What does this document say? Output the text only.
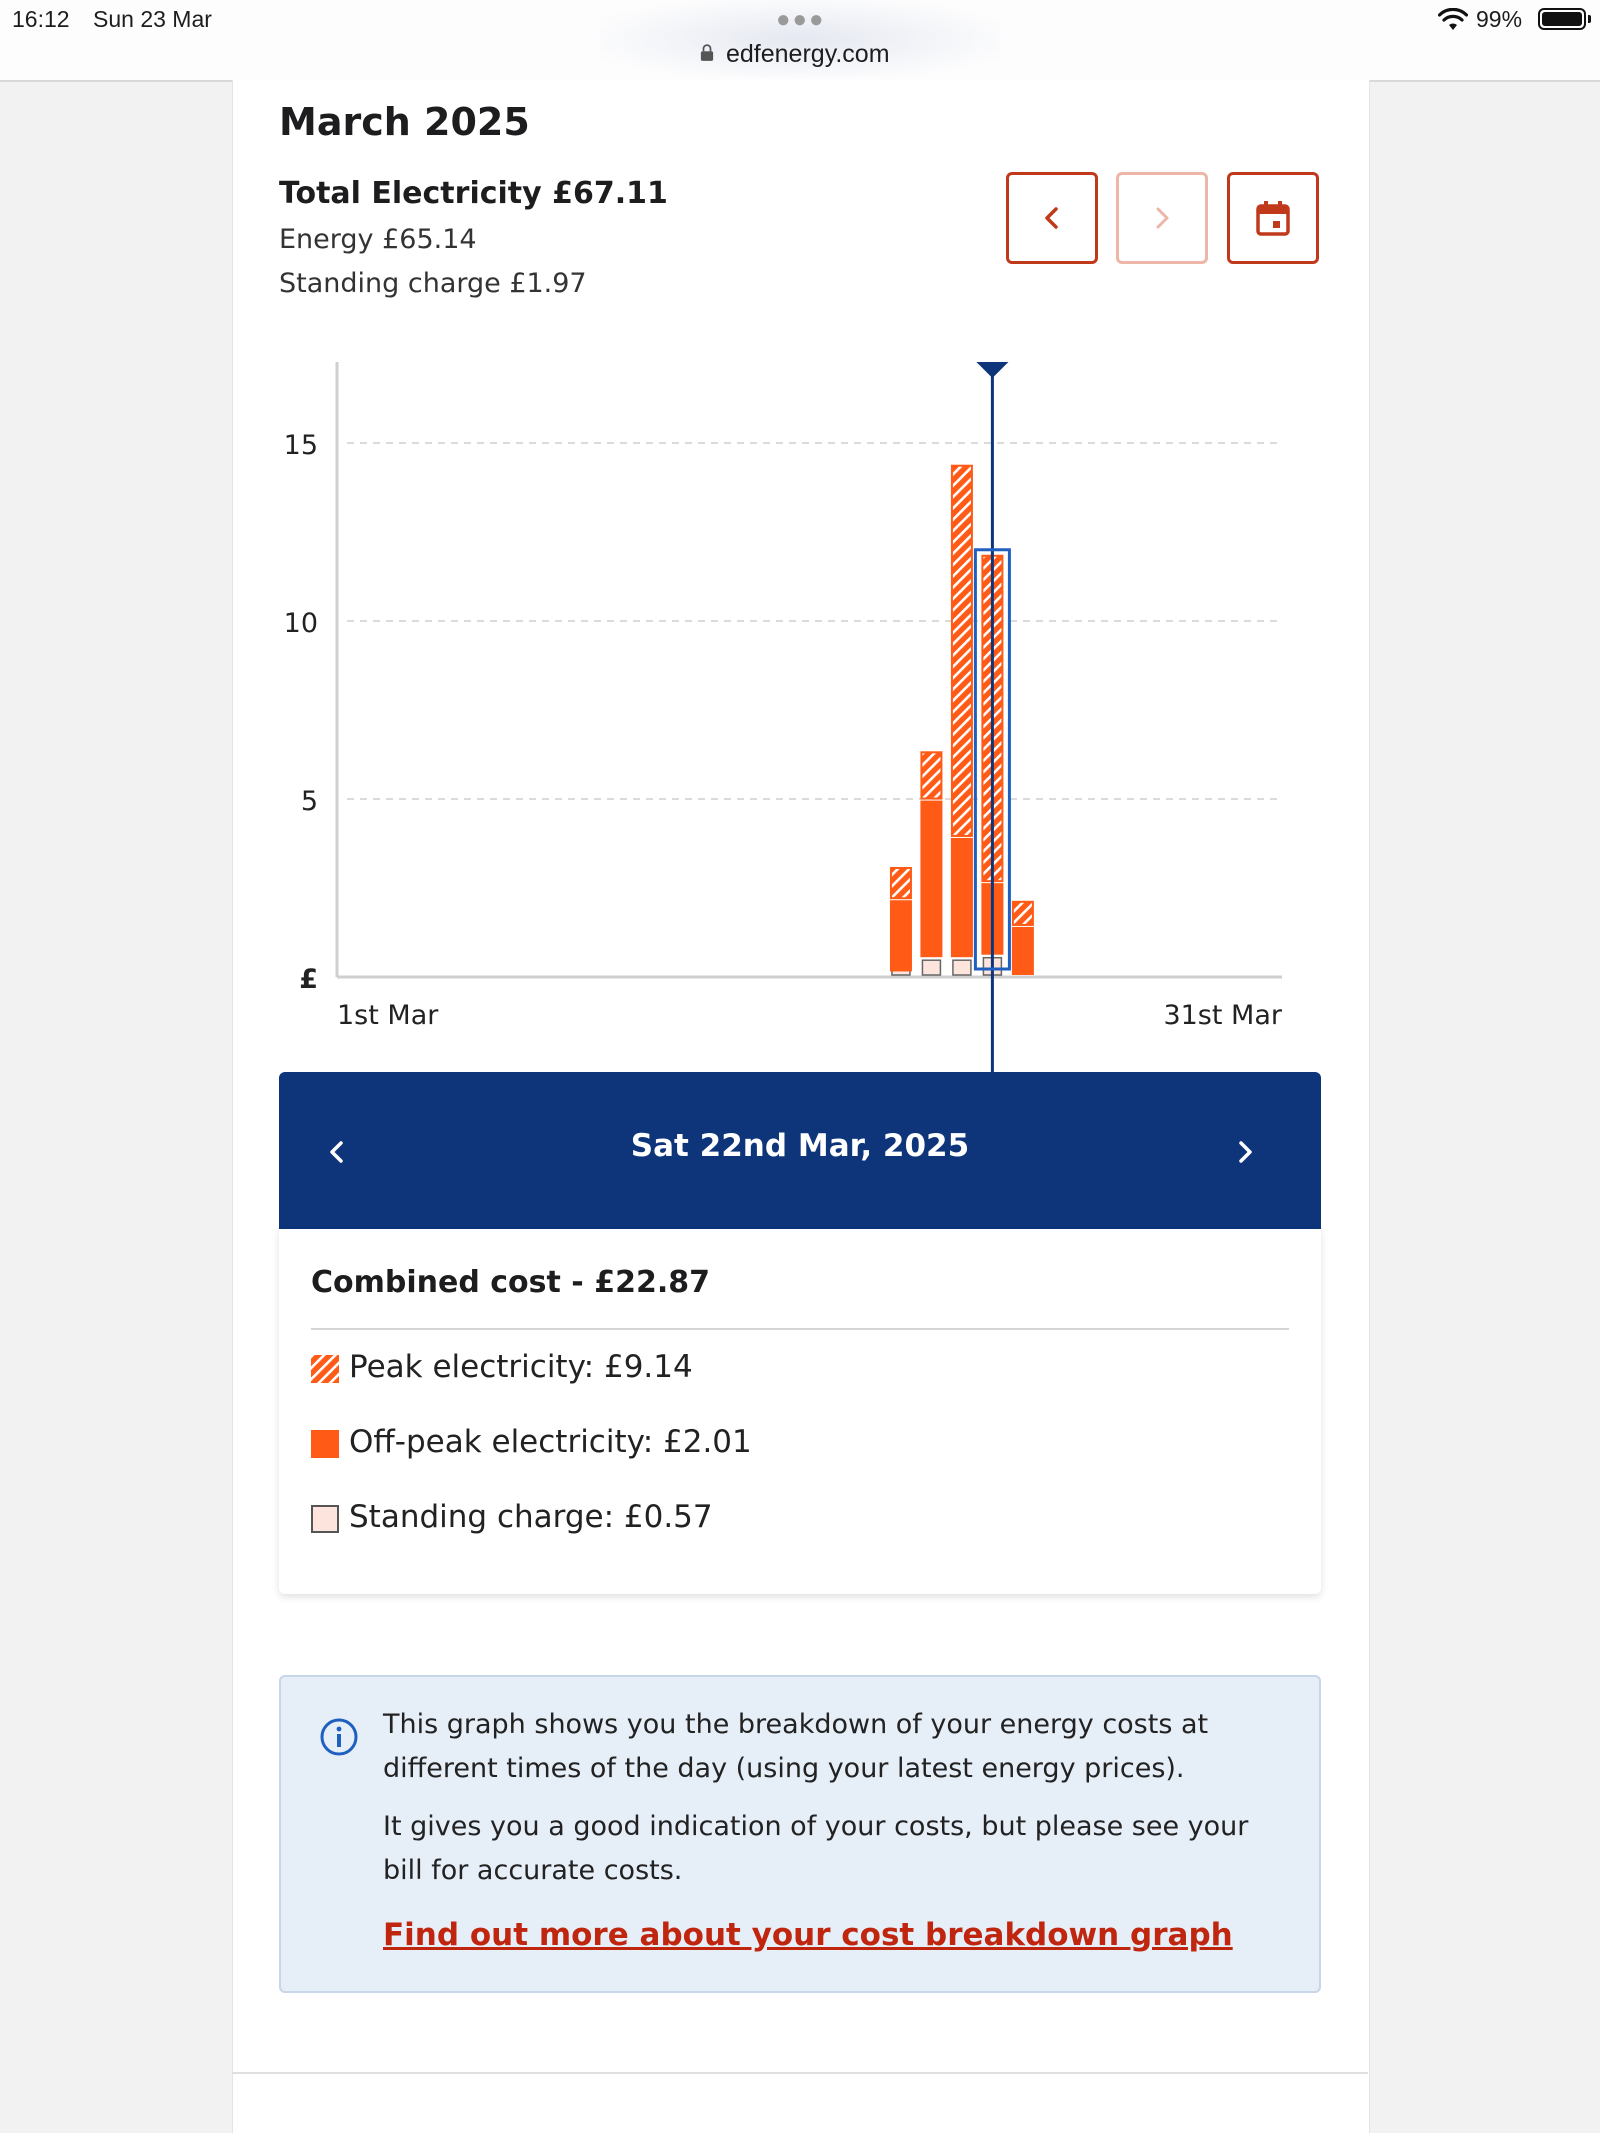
16:12 Sun 23 Mar	●●●
edfenergy.com
99%
March 2025
Total Electricity £67.11
Energy £65.14
Standing charge £1.97
15
10
5
£
1st Mar	31st Mar
Sat 22nd Mar, 2025
Combined cost - £22.87
Peak electricity: £9.14
Off-peak electricity: £2.01
Standing charge: £0.57

This graph shows you the breakdown of your energy costs at different times of the day (using your latest energy prices).

It gives you a good indication of your costs, but please see your bill for accurate costs.

Find out more about your cost breakdown graph
